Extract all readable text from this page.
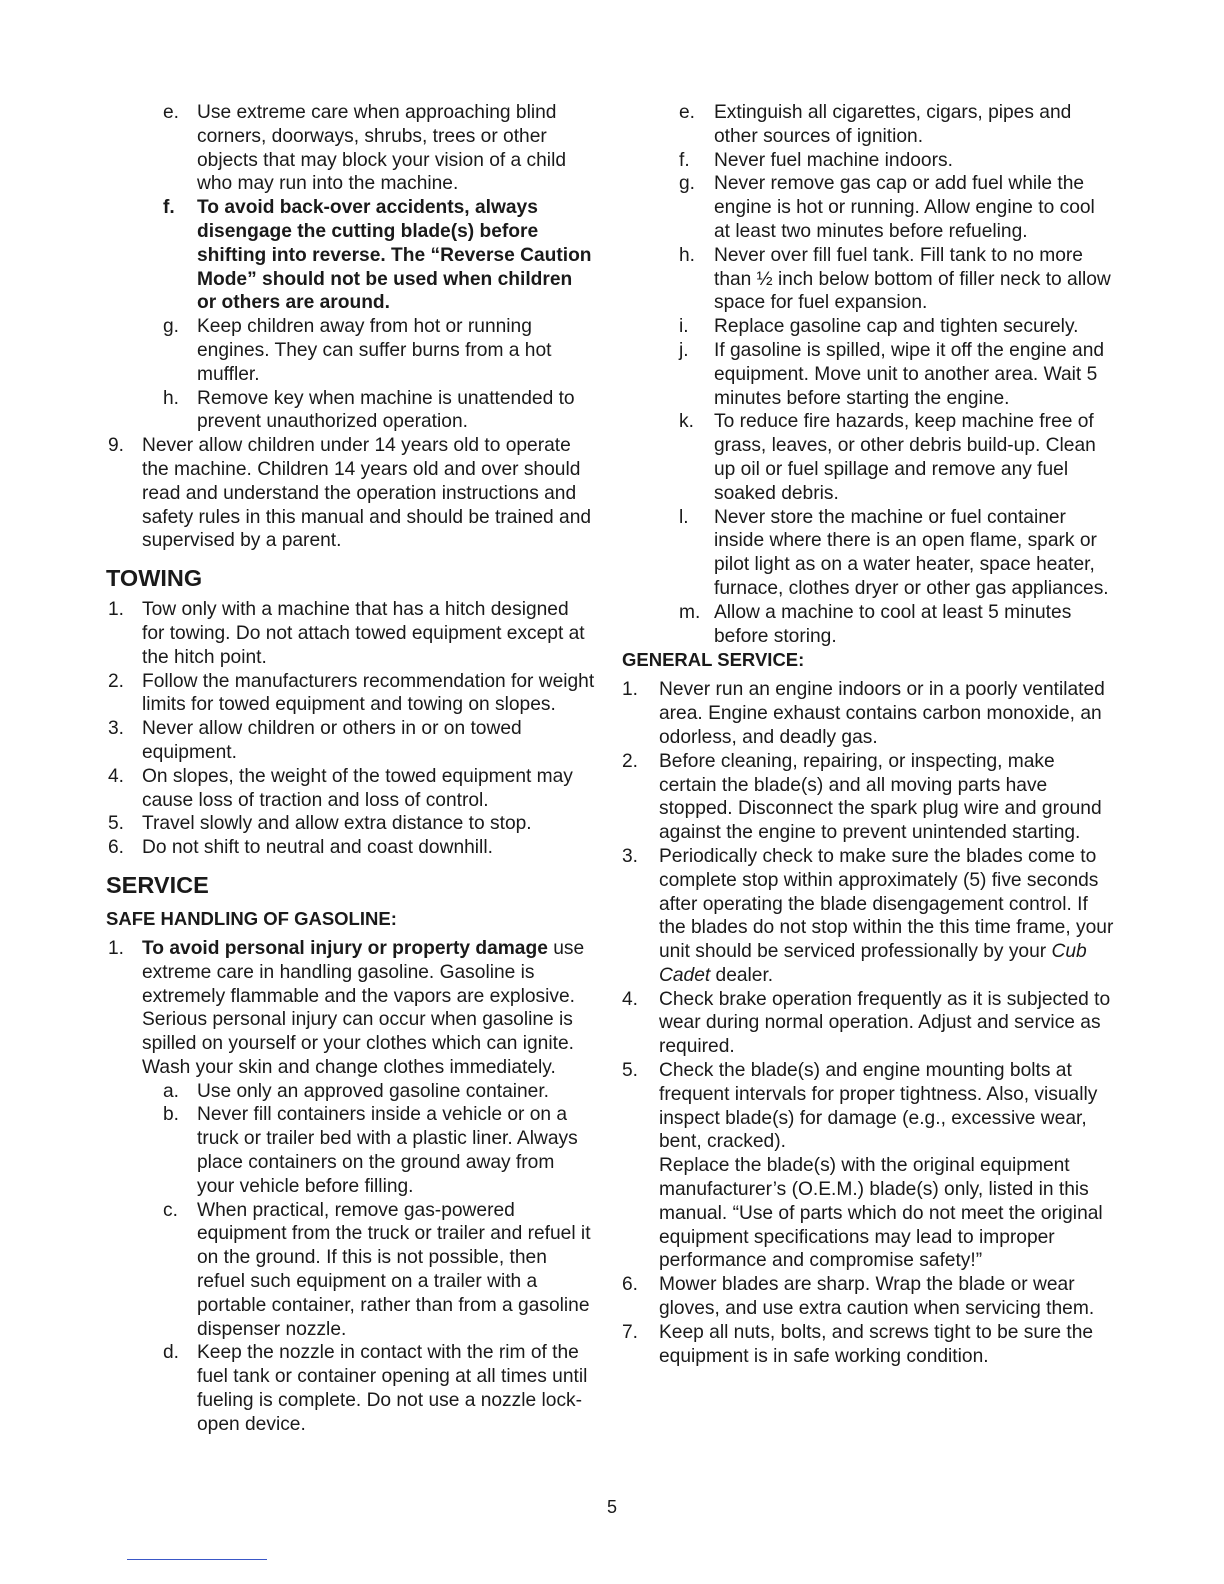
e. Use extreme care when approaching blind corners, doorways, shrubs, trees or other objects that may block your vision of a child who may run into the machine.
f.	To avoid back-over accidents, always disengage the cutting blade(s) before shifting into reverse. The “Reverse Caution Mode” should not be used when children or others are around.
g. Keep children away from hot or running engines. They can suffer burns from a hot muffler.
h. Remove key when machine is unattended to prevent unauthorized operation.
9. Never allow children under 14 years old to operate the machine. Children 14 years old and over should read and understand the operation instructions and safety rules in this manual and should be trained and supervised by a parent.
TOWING
1. Tow only with a machine that has a hitch designed for towing. Do not attach towed equipment except at the hitch point.
2. Follow the manufacturers recommendation for weight limits for towed equipment and towing on slopes.
3. Never allow children or others in or on towed equipment.
4. On slopes, the weight of the towed equipment may cause loss of traction and loss of control.
5. Travel slowly and allow extra distance to stop.
6. Do not shift to neutral and coast downhill.
SERVICE
SAFE HANDLING OF GASOLINE:
1. To avoid personal injury or property damage use extreme care in handling gasoline. Gasoline is extremely flammable and the vapors are explosive. Serious personal injury can occur when gasoline is spilled on yourself or your clothes which can ignite. Wash your skin and change clothes immediately.
a. Use only an approved gasoline container.
b. Never fill containers inside a vehicle or on a truck or trailer bed with a plastic liner. Always place containers on the ground away from your vehicle before filling.
c. When practical, remove gas-powered equipment from the truck or trailer and refuel it on the ground. If this is not possible, then refuel such equipment on a trailer with a portable container, rather than from a gasoline dispenser nozzle.
d. Keep the nozzle in contact with the rim of the fuel tank or container opening at all times until fueling is complete. Do not use a nozzle lock-open device.
e. Extinguish all cigarettes, cigars, pipes and other sources of ignition.
f.	Never fuel machine indoors.
g. Never remove gas cap or add fuel while the engine is hot or running. Allow engine to cool at least two minutes before refueling.
h. Never over fill fuel tank. Fill tank to no more than ½ inch below bottom of filler neck to allow space for fuel expansion.
i.	Replace gasoline cap and tighten securely.
j.	If gasoline is spilled, wipe it off the engine and equipment. Move unit to another area. Wait 5 minutes before starting the engine.
k.	To reduce fire hazards, keep machine free of grass, leaves, or other debris build-up. Clean up oil or fuel spillage and remove any fuel soaked debris.
l.	Never store the machine or fuel container inside where there is an open flame, spark or pilot light as on a water heater, space heater, furnace, clothes dryer or other gas appliances.
m. Allow a machine to cool at least 5 minutes before storing.
GENERAL SERVICE:
1.	Never run an engine indoors or in a poorly ventilated area. Engine exhaust contains carbon monoxide, an odorless, and deadly gas.
2.	Before cleaning, repairing, or inspecting, make certain the blade(s) and all moving parts have stopped. Disconnect the spark plug wire and ground against the engine to prevent unintended starting.
3.	Periodically check to make sure the blades come to complete stop within approximately (5) five seconds after operating the blade disengagement control. If the blades do not stop within the this time frame, your unit should be serviced professionally by your Cub Cadet dealer.
4.	Check brake operation frequently as it is subjected to wear during normal operation. Adjust and service as required.
5.	Check the blade(s) and engine mounting bolts at frequent intervals for proper tightness. Also, visually inspect blade(s) for damage (e.g., excessive wear, bent, cracked).
Replace the blade(s) with the original equipment manufacturer’s (O.E.M.) blade(s) only, listed in this manual. “Use of parts which do not meet the original equipment specifications may lead to improper performance and compromise safety!”
6.	Mower blades are sharp. Wrap the blade or wear gloves, and use extra caution when servicing them.
7.	Keep all nuts, bolts, and screws tight to be sure the equipment is in safe working condition.
5
